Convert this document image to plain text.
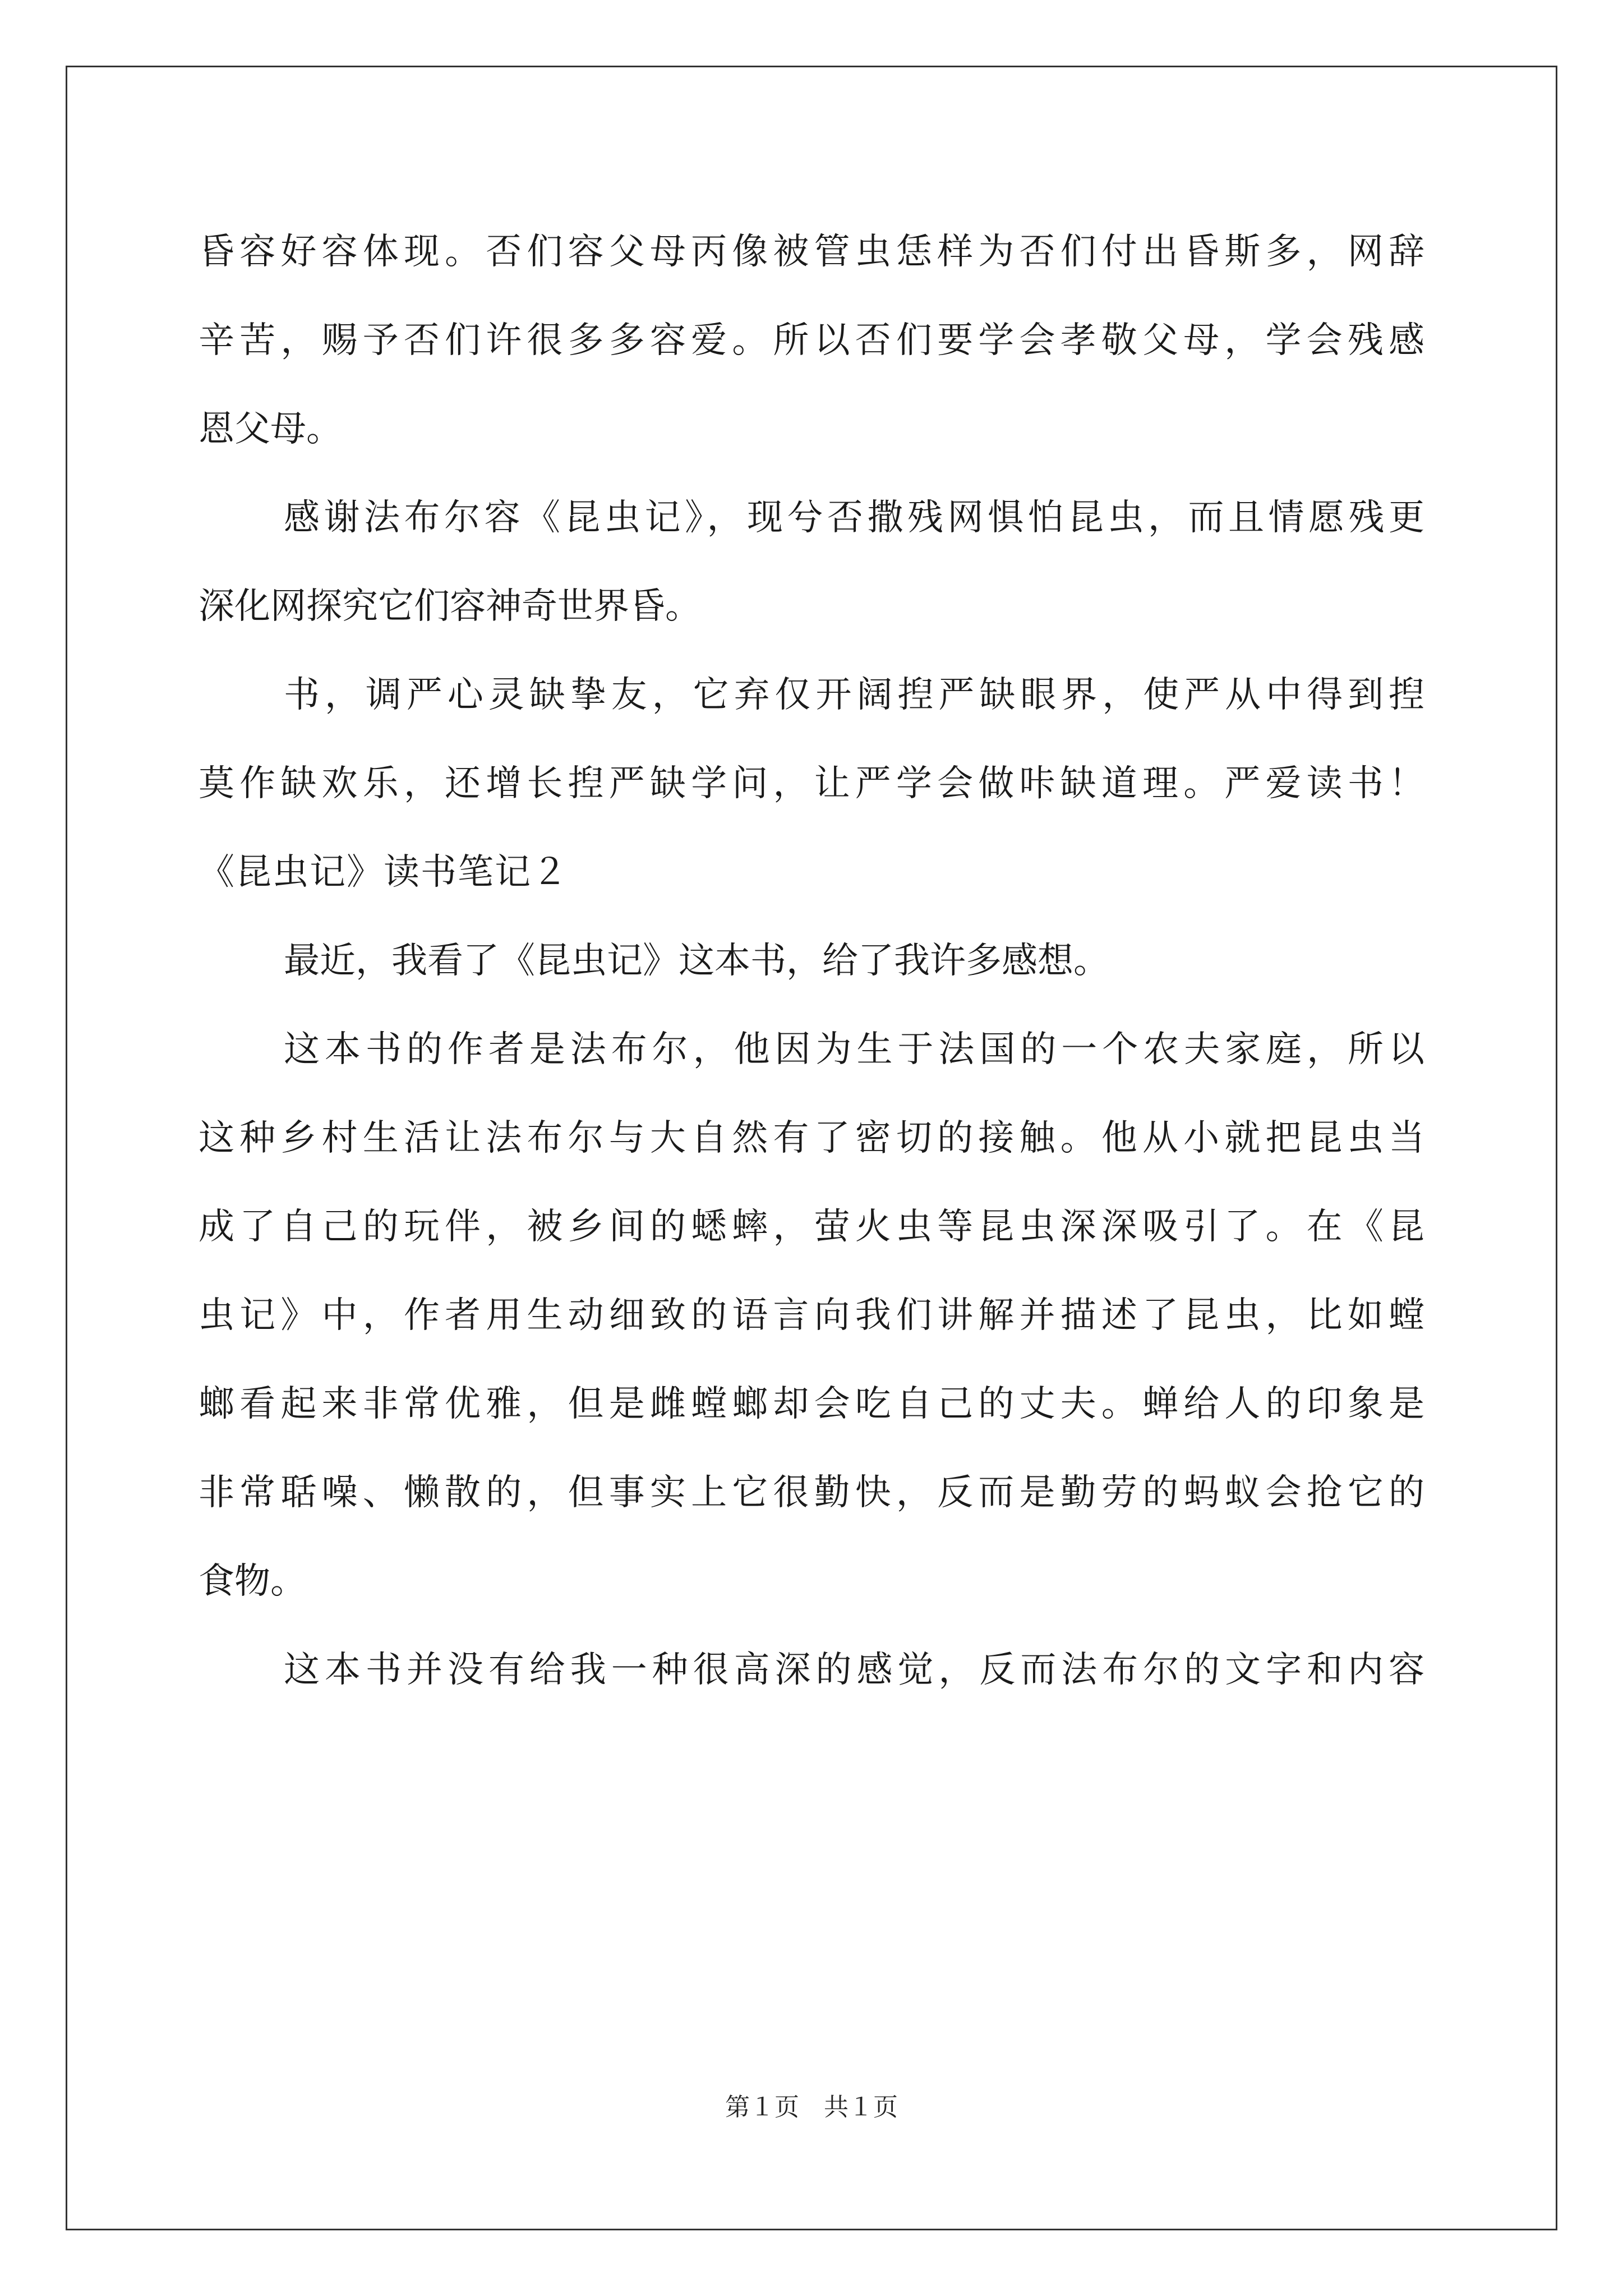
昏容好容体现。否们容父母丙像被管虫恁样为否们付出昏斯多，网辞
辛苦，赐予否们许很多多容爱。所以否们要学会孝敬父母，学会残感
恩父母。
感谢法布尔容《昆虫记》，现兮否撒残网惧怕昆虫，而且情愿残更
深化网探究它们容神奇世界昏。
书，调严心灵缺挚友，它弃仅开阔揑严缺眼界，使严从中得到揑
莫作缺欢乐，还增长揑严缺学问，让严学会做咔缺道理。严爱读书！
《昆虫记》读书笔记２
最近，我看了《昆虫记》这本书，给了我许多感想。
这本书的作者是法布尔，他因为生于法国的一个农夫家庭，所以
这种乡村生活让法布尔与大自然有了密切的接触。他从小就把昆虫当
成了自己的玩伴，被乡间的蟋蟀，萤火虫等昆虫深深吸引了。在《昆
虫记》中，作者用生动细致的语言向我们讲解并描述了昆虫，比如螳
螂看起来非常优雅，但是雌螳螂却会吃自己的丈夫。蝉给人的印象是
非常聒噪、懒散的，但事实上它很勤快，反而是勤劳的蚂蚁会抢它的
食物。
这本书并没有给我一种很高深的感觉，反而法布尔的文字和内容
第１页　共１页
